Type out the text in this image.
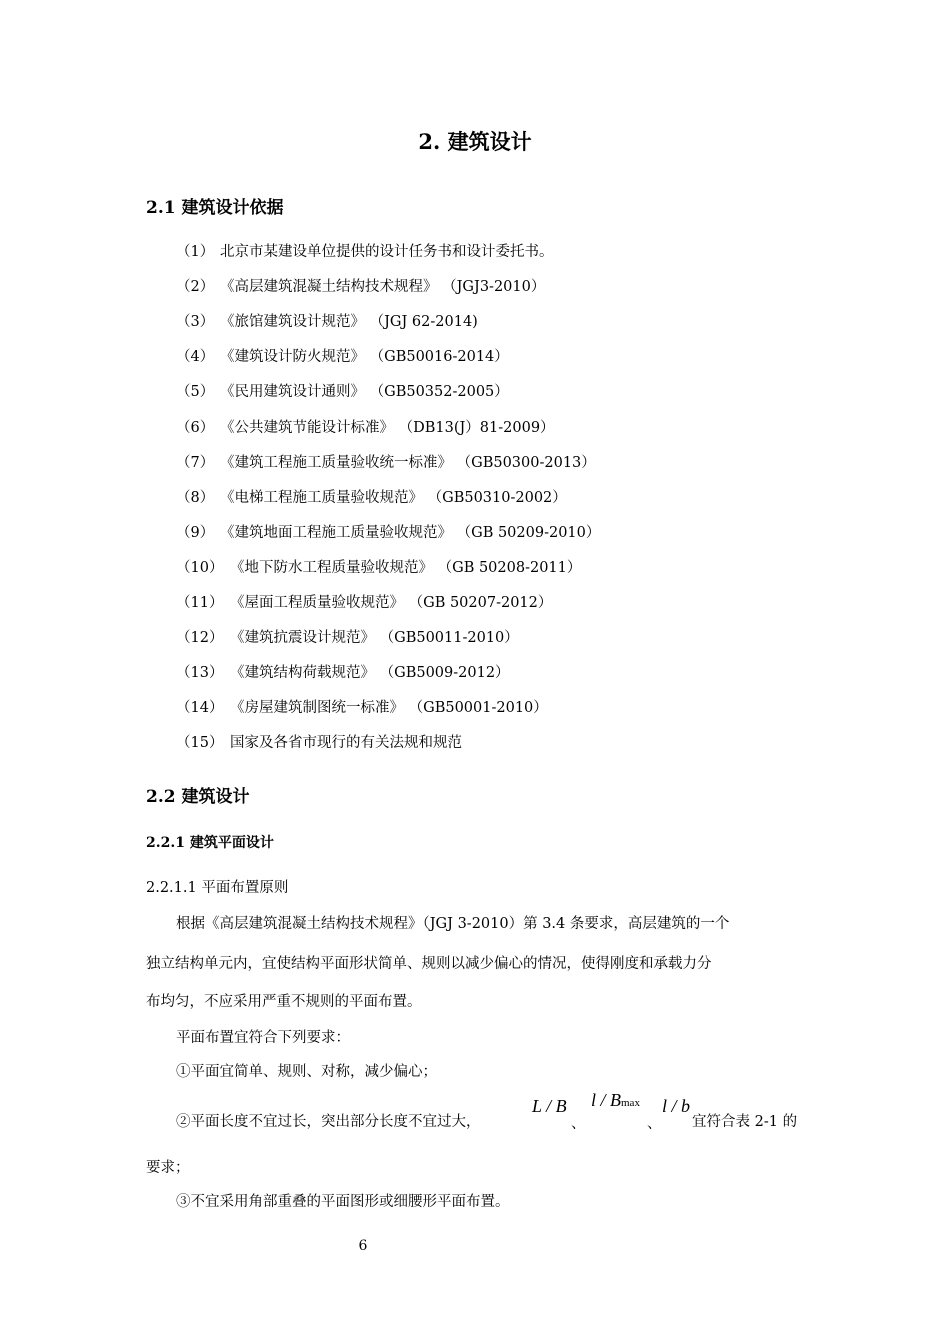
2. 建筑设计
2.1 建筑设计依据
（1） 北京市某建设单位提供的设计任务书和设计委托书。
（2） 《高层建筑混凝土结构技术规程》 （JGJ3-2010）
（3） 《旅馆建筑设计规范》 （JGJ 62-2014)
（4） 《建筑设计防火规范》 （GB50016-2014）
（5） 《民用建筑设计通则》 （GB50352-2005）
（6） 《公共建筑节能设计标准》 （DB13(J）81-2009）
（7） 《建筑工程施工质量验收统一标准》 （GB50300-2013）
（8） 《电梯工程施工质量验收规范》 （GB50310-2002）
（9） 《建筑地面工程施工质量验收规范》 （GB 50209-2010）
（10） 《地下防水工程质量验收规范》 （GB 50208-2011）
（11） 《屋面工程质量验收规范》 （GB 50207-2012）
（12） 《建筑抗震设计规范》 （GB50011-2010）
（13） 《建筑结构荷载规范》 （GB5009-2012）
（14） 《房屋建筑制图统一标准》 （GB50001-2010）
（15） 国家及各省市现行的有关法规和规范
2.2 建筑设计
2.2.1 建筑平面设计
2.2.1.1 平面布置原则
根据《高层建筑混凝土结构技术规程》（JGJ 3-2010）第 3.4 条要求，高层建筑的一个
独立结构单元内，宜使结构平面形状简单、规则以减少偏心的情况，使得刚度和承载力分
布均匀，不应采用严重不规则的平面布置。
平面布置宜符合下列要求：
①平面宜简单、规则、对称，减少偏心；
②平面长度不宜过长，突出部分长度不宜过大，
L / B
、
l / Bmax
、
l / b
宜符合表 2-1 的
要求；
③不宜采用角部重叠的平面图形或细腰形平面布置。
6
